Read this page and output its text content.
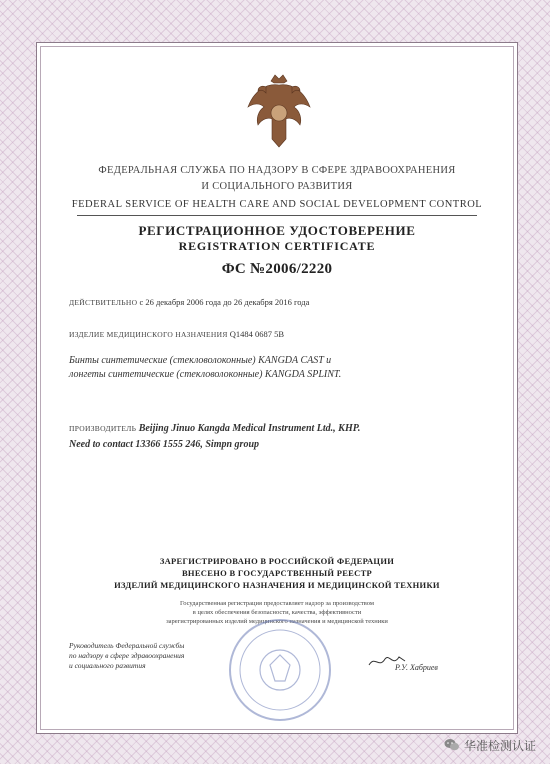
ФЕДЕРАЛЬНАЯ СЛУЖБА ПО НАДЗОРУ В СФЕРЕ ЗДРАВООХРАНЕНИЯ
И СОЦИАЛЬНОГО РАЗВИТИЯ
FEDERAL SERVICE OF HEALTH CARE AND SOCIAL DEVELOPMENT CONTROL
РЕГИСТРАЦИОННОЕ УДОСТОВЕРЕНИЕ
REGISTRATION CERTIFICATE
ФС №2006/2220
ДЕЙСТВИТЕЛЬНО с 26 декабря 2006 года до 26 декабря 2016 года
ИЗДЕЛИЕ МЕДИЦИНСКОГО НАЗНАЧЕНИЯ Q1484 0687 5B
Бинты синтетические (стекловолоконные) KANGDA CAST и
лонгеты синтетические (стекловолоконные) KANGDA SPLINT.
ПРОИЗВОДИТЕЛЬ Beijing Jinuo Kangda Medical Instrument Ltd., КНР.
Need to contact 13366 1555 246, Simpn group
ЗАРЕГИСТРИРОВАНО В РОССИЙСКОЙ ФЕДЕРАЦИИ
ВНЕСЕНО В ГОСУДАРСТВЕННЫЙ РЕЕСТР
ИЗДЕЛИЙ МЕДИЦИНСКОГО НАЗНАЧЕНИЯ И МЕДИЦИНСКОЙ ТЕХНИКИ
Государственная регистрация предоставляет надзор за производством
в целях обеспечения безопасности, качества, эффективности
зарегистрированных изделий медицинского назначения и медицинской техники
Руководитель Федеральной службы
по надзору в сфере здравоохранения
и социального развития	Р.У. Хабриев
华准检测认证
